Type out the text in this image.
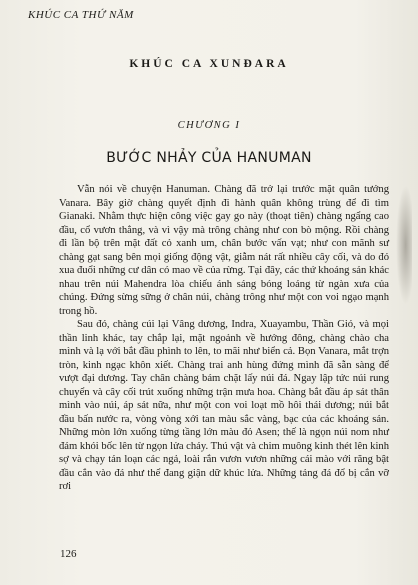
KHÚC CA THỨ NĂM
KHÚC CA XUNĐARA
CHƯƠNG I
BƯỚC NHẢY CỦA HANUMAN

Vẫn nói về chuyện Hanuman. Chàng đã trở lại trước mặt quân tướng Vanara. Bây giờ chàng quyết định đi hành quân không trùng để đi tìm Gianaki. Nhằm thực hiện công việc gay go này (thoạt tiên) chàng ngẩng cao đầu, cổ vươn thẳng, và vì vậy mà trông chàng như con bò mộng. Rồi chàng đi lần bộ trên mặt đất cỏ xanh um, chân bước vấn vạt; như con mãnh sư chàng gạt sang bên mọi giống động vật, giẫm nát rất nhiều cây cối, và do đó xua đuổi những cư dân có mao về của rừng. Tại đây, các thứ khoáng sản khác nhau trên núi Mahendra lòa chiếu ánh sáng bóng loáng từ ngàn xưa của chúng. Đứng sừng sững ở chân núi, chàng trông như một con voi ngạo mạnh trong hồ.

Sau đó, chàng cúi lại Vâng dương, Indra, Xuayambu, Thần Gió, và mọi thần linh khác, tay chắp lại, mặt ngoảnh về hướng đông, chàng chào cha mình và lạ với bắt đầu phình to lên, to mãi như biển cả. Bọn Vanara, mắt trợn tròn, kinh ngạc khôn xiết. Chàng trai anh hùng đứng mình đã sẵn sàng để vượt đại dương. Tay chân chàng bám chặt lấy núi đá. Ngay lập tức núi rung chuyển và cây cối trút xuống những trận mưa hoa. Chàng bắt đầu áp sát thân mình vào núi, áp sát nữa, như một con voi loạt mồ hôi thái dương; núi bắt đầu bấn nước ra, vòng vòng xới tan màu sắc vàng, bạc của các khoáng sản. Những mòn lớn xuống từng tầng lớn màu đỏ Asen; thế là ngọn núi nom như đám khói bốc lên từ ngọn lửa cháy. Thú vật và chim muông kinh thét lên kinh sợ và chạy tán loạn các ngả, loài rắn vươn vươn những cái mào với răng bật đầu cắn vào đá như thể đang giận dữ khúc lửa. Những tảng đá đổ bị cắn vỡ rơi

126
